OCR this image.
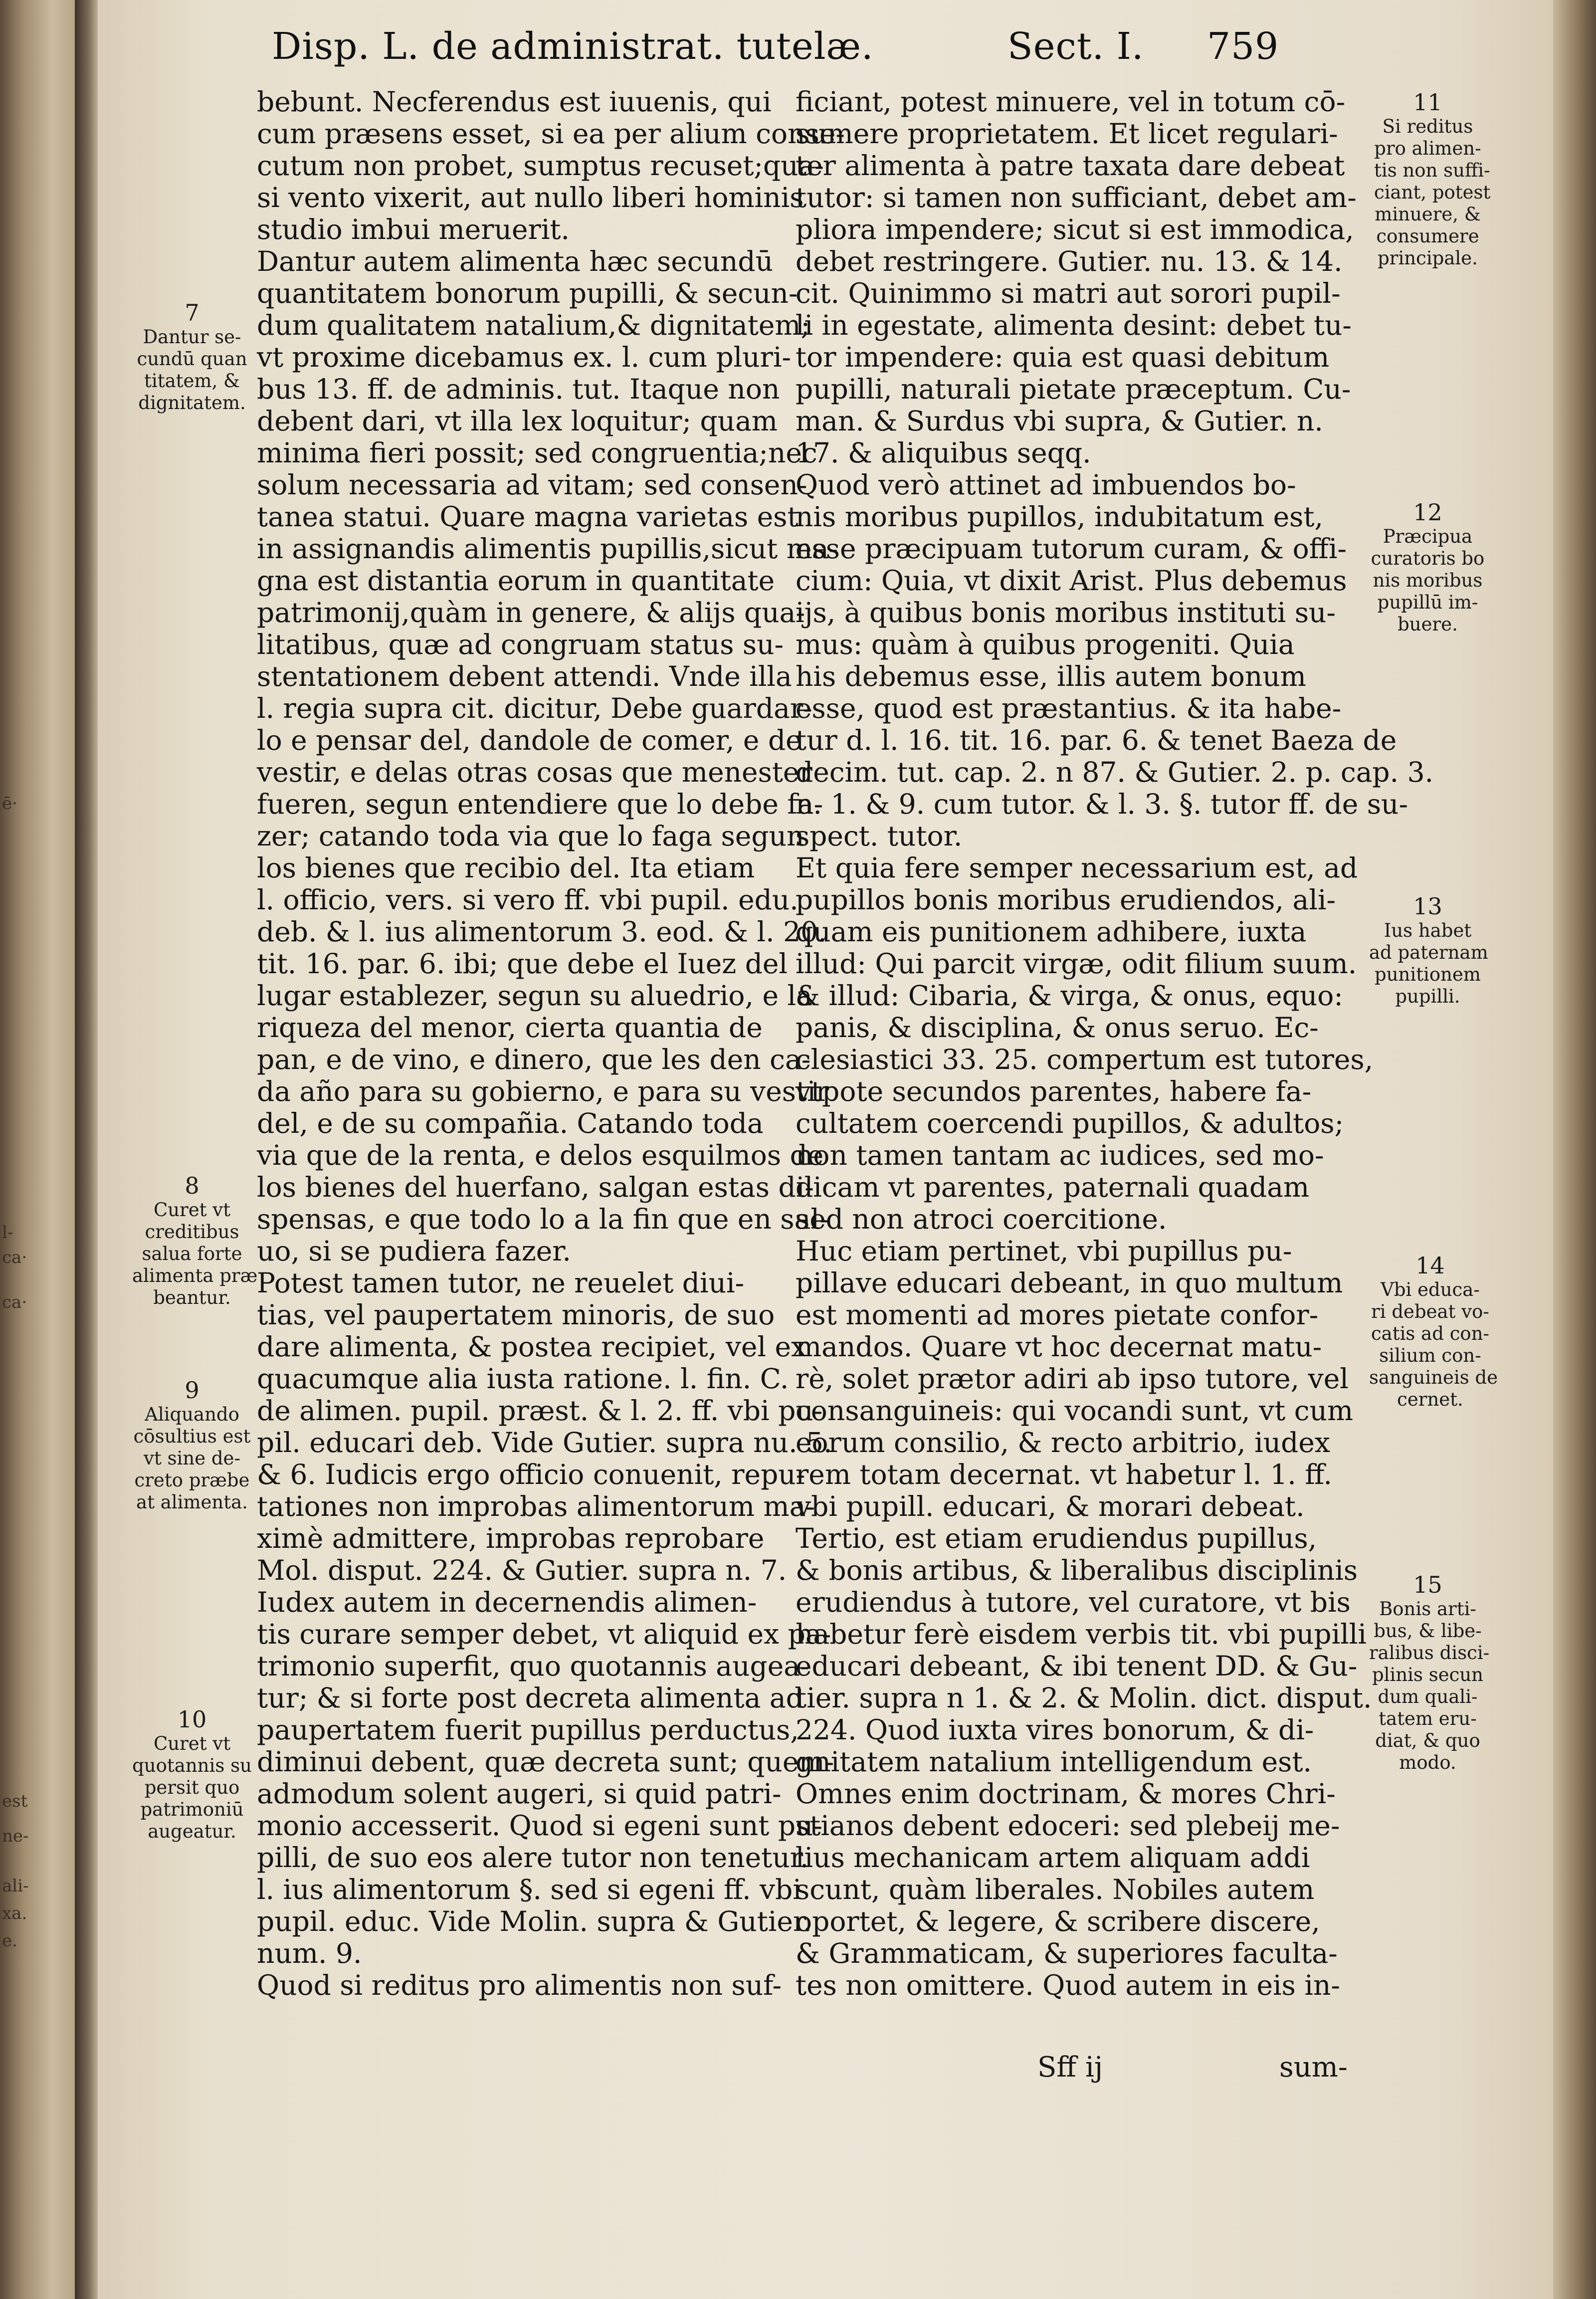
ē·
l-
ca·
ca·
est
ne-
ali-
xa.
e.
Disp. L. de administrat. tutelæ.	Sect. I. 759
bebunt. Necferendus est iuuenis, qui
cum præsens esset, si ea per alium conse-
cutum non probet, sumptus recuset;qua-
si vento vixerit, aut nullo liberi hominis
studio imbui meruerit.
Dantur autem alimenta hæc secundū
quantitatem bonorum pupilli, & secun-
dum qualitatem natalium,& dignitatem;
vt proxime dicebamus ex. l. cum pluri-
bus 13. ff. de adminis. tut. Itaque non
debent dari, vt illa lex loquitur; quam
minima fieri possit; sed congruentia;nec
solum necessaria ad vitam; sed consen-
tanea statui. Quare magna varietas est
in assignandis alimentis pupillis,sicut ma-
gna est distantia eorum in quantitate
patrimonij,quàm in genere, & alijs qua-
litatibus, quæ ad congruam status su-
stentationem debent attendi. Vnde illa
l. regia supra cit. dicitur, Debe guardar-
lo e pensar del, dandole de comer, e de
vestir, e delas otras cosas que menester
fueren, segun entendiere que lo debe fa-
zer; catando toda via que lo faga segun
los bienes que recibio del. Ita etiam
l. officio, vers. si vero ff. vbi pupil. edu.
deb. & l. ius alimentorum 3. eod. & l. 20.
tit. 16. par. 6. ibi; que debe el Iuez del
lugar establezer, segun su aluedrio, e la
riqueza del menor, cierta quantia de
pan, e de vino, e dinero, que les den ca-
da año para su gobierno, e para su vestir
del, e de su compañia. Catando toda
via que de la renta, e delos esquilmos de
los bienes del huerfano, salgan estas di-
spensas, e que todo lo a la fin que en sal-
uo, si se pudiera fazer.
Potest tamen tutor, ne reuelet diui-
tias, vel paupertatem minoris, de suo
dare alimenta, & postea recipiet, vel ex
quacumque alia iusta ratione. l. fin. C.
de alimen. pupil. præst. & l. 2. ff. vbi pu-
pil. educari deb. Vide Gutier. supra nu. 5.
& 6. Iudicis ergo officio conuenit, repu-
tationes non improbas alimentorum ma-
ximè admittere, improbas reprobare
Mol. disput. 224. & Gutier. supra n. 7.
Iudex autem in decernendis alimen-
tis curare semper debet, vt aliquid ex pa-
trimonio superfit, quo quotannis augea-
tur; & si forte post decreta alimenta ad
paupertatem fuerit pupillus perductus,
diminui debent, quæ decreta sunt; quem-
admodum solent augeri, si quid patri-
monio accesserit. Quod si egeni sunt pu-
pilli, de suo eos alere tutor non tenetur.
l. ius alimentorum §. sed si egeni ff. vbi
pupil. educ. Vide Molin. supra & Gutier.
num. 9.
Quod si reditus pro alimentis non suf-
ficiant, potest minuere, vel in totum cō-
sumere proprietatem. Et licet regulari-
ter alimenta à patre taxata dare debeat
tutor: si tamen non sufficiant, debet am-
pliora impendere; sicut si est immodica,
debet restringere. Gutier. nu. 13. & 14.
cit. Quinimmo si matri aut sorori pupil-
li in egestate, alimenta desint: debet tu-
tor impendere: quia est quasi debitum
pupilli, naturali pietate præceptum. Cu-
man. & Surdus vbi supra, & Gutier. n.
17. & aliquibus seqq.
Quod verò attinet ad imbuendos bo-
nis moribus pupillos, indubitatum est,
esse præcipuam tutorum curam, & offi-
cium: Quia, vt dixit Arist. Plus debemus
ijs, à quibus bonis moribus instituti su-
mus: quàm à quibus progeniti. Quia
his debemus esse, illis autem bonum
esse, quod est præstantius. & ita habe-
tur d. l. 16. tit. 16. par. 6. & tenet Baeza de
decim. tut. cap. 2. n 87. & Gutier. 2. p. cap. 3.
n. 1. & 9. cum tutor. & l. 3. §. tutor ff. de su-
spect. tutor.
Et quia fere semper necessarium est, ad
pupillos bonis moribus erudiendos, ali-
quam eis punitionem adhibere, iuxta
illud: Qui parcit virgæ, odit filium suum.
& illud: Cibaria, & virga, & onus, equo:
panis, & disciplina, & onus seruo. Ec-
clesiastici 33. 25. compertum est tutores,
vtpote secundos parentes, habere fa-
cultatem coercendi pupillos, & adultos;
non tamen tantam ac iudices, sed mo-
dicam vt parentes, paternali quadam
sed non atroci coercitione.
Huc etiam pertinet, vbi pupillus pu-
pillave educari debeant, in quo multum
est momenti ad mores pietate confor-
mandos. Quare vt hoc decernat matu-
rè, solet prætor adiri ab ipso tutore, vel
consanguineis: qui vocandi sunt, vt cum
eorum consilio, & recto arbitrio, iudex
rem totam decernat. vt habetur l. 1. ff.
vbi pupill. educari, & morari debeat.
Tertio, est etiam erudiendus pupillus,
& bonis artibus, & liberalibus disciplinis
erudiendus à tutore, vel curatore, vt bis
habetur ferè eisdem verbis tit. vbi pupilli
educari debeant, & ibi tenent DD. & Gu-
tier. supra n 1. & 2. & Molin. dict. disput.
224. Quod iuxta vires bonorum, & di-
gnitatem natalium intelligendum est.
Omnes enim doctrinam, & mores Chri-
stianos debent edoceri: sed plebeij me-
lius mechanicam artem aliquam addi
scunt, quàm liberales. Nobiles autem
oportet, & legere, & scribere discere,
& Grammaticam, & superiores faculta-
tes non omittere. Quod autem in eis in-
7
Dantur se-
cundū quan
titatem, &
dignitatem.
8
Curet vt
creditibus
salua forte
alimenta præ
beantur.
9
Aliquando
cōsultius est
vt sine de-
creto præbe
at alimenta.
10
Curet vt
quotannis su
persit quo
patrimoniū
augeatur.
11
Si reditus
pro alimen-
tis non suffi-
ciant, potest
minuere, &
consumere
principale.
12
Præcipua
curatoris bo
nis moribus
pupillū im-
buere.
13
Ius habet
ad paternam
punitionem
pupilli.
14
Vbi educa-
ri debeat vo-
catis ad con-
silium con-
sanguineis de
cernet.
15
Bonis arti-
bus, & libe-
ralibus disci-
plinis secun
dum quali-
tatem eru-
diat, & quo
modo.
Sff ij	sum-
